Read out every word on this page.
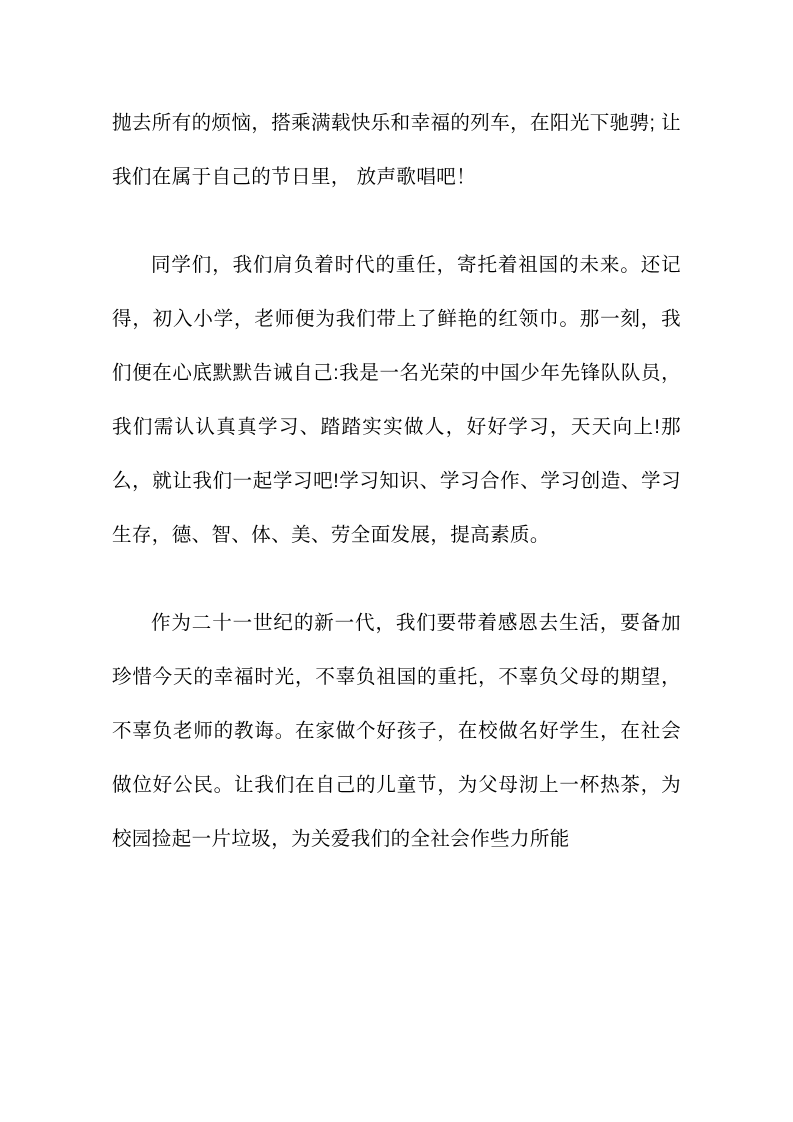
抛去所有的烦恼，搭乘满载快乐和幸福的列车，在阳光下驰骋; 让我们在属于自己的节日里， 放声歌唱吧！

同学们，我们肩负着时代的重任，寄托着祖国的未来。还记得，初入小学，老师便为我们带上了鲜艳的红领巾。那一刻，我们便在心底默默告诫自己:我是一名光荣的中国少年先锋队队员，我们需认认真真学习、踏踏实实做人，好好学习，天天向上!那么，就让我们一起学习吧!学习知识、学习合作、学习创造、学习生存，德、智、体、美、劳全面发展，提高素质。

作为二十一世纪的新一代，我们要带着感恩去生活，要备加珍惜今天的幸福时光，不辜负祖国的重托，不辜负父母的期望，不辜负老师的教诲。在家做个好孩子，在校做名好学生，在社会做位好公民。让我们在自己的儿童节，为父母沏上一杯热茶，为校园捡起一片垃圾，为关爱我们的全社会作些力所能
